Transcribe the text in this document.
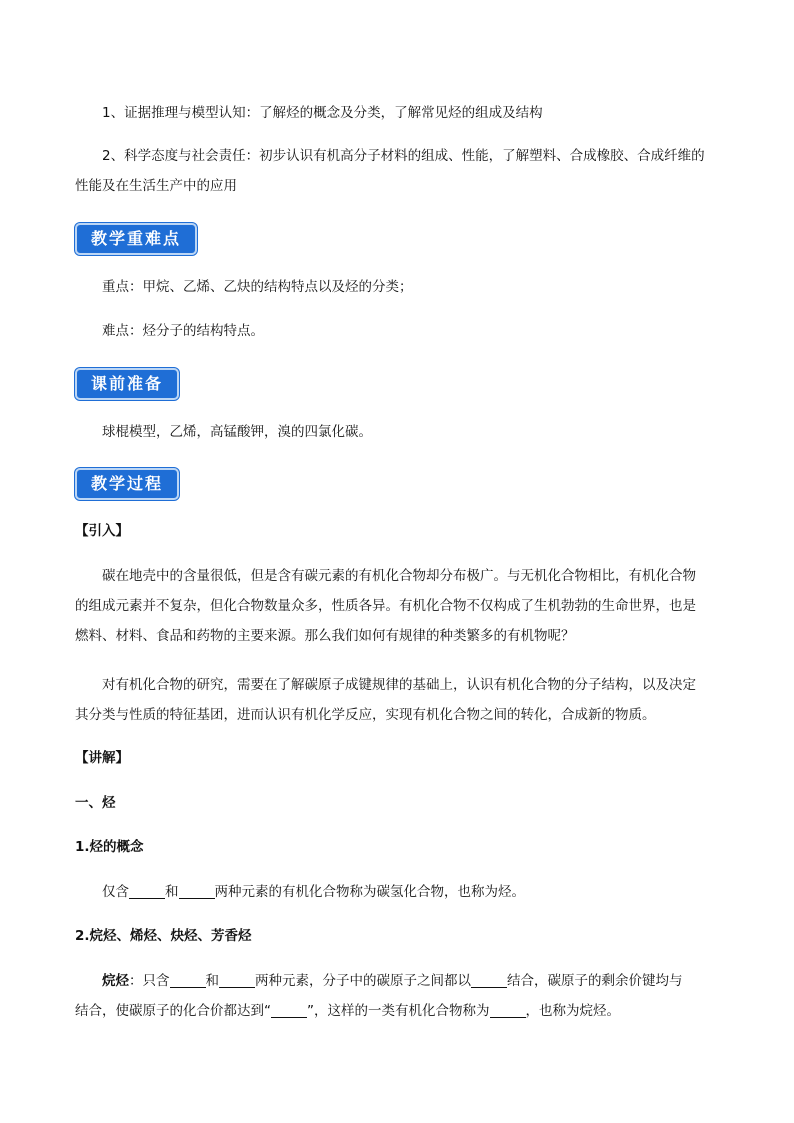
1、证据推理与模型认知：了解烃的概念及分类，了解常见烃的组成及结构

2、科学态度与社会责任：初步认识有机高分子材料的组成、性能，了解塑料、合成橡胶、合成纤维的

性能及在生活生产中的应用

教学重难点

重点：甲烷、乙烯、乙炔的结构特点以及烃的分类；

难点：烃分子的结构特点。

课前准备

球棍模型，乙烯，高锰酸钾，溴的四氯化碳。

教学过程

【引入】

碳在地壳中的含量很低，但是含有碳元素的有机化合物却分布极广。与无机化合物相比，有机化合物

的组成元素并不复杂，但化合物数量众多，性质各异。有机化合物不仅构成了生机勃勃的生命世界，也是

燃料、材料、食品和药物的主要来源。那么我们如何有规律的种类繁多的有机物呢？

对有机化合物的研究，需要在了解碳原子成键规律的基础上，认识有机化合物的分子结构，以及决定

其分类与性质的特征基团，进而认识有机化学反应，实现有机化合物之间的转化，合成新的物质。

【讲解】

一、烃

1.烃的概念

仅含	和	两种元素的有机化合物称为碳氢化合物，也称为烃。

2.烷烃、烯烃、炔烃、芳香烃

烷烃：只含	和	两种元素，分子中的碳原子之间都以	结合，碳原子的剩余价键均与

结合，使碳原子的化合价都达到“	”，这样的一类有机化合物称为	，也称为烷烃。
